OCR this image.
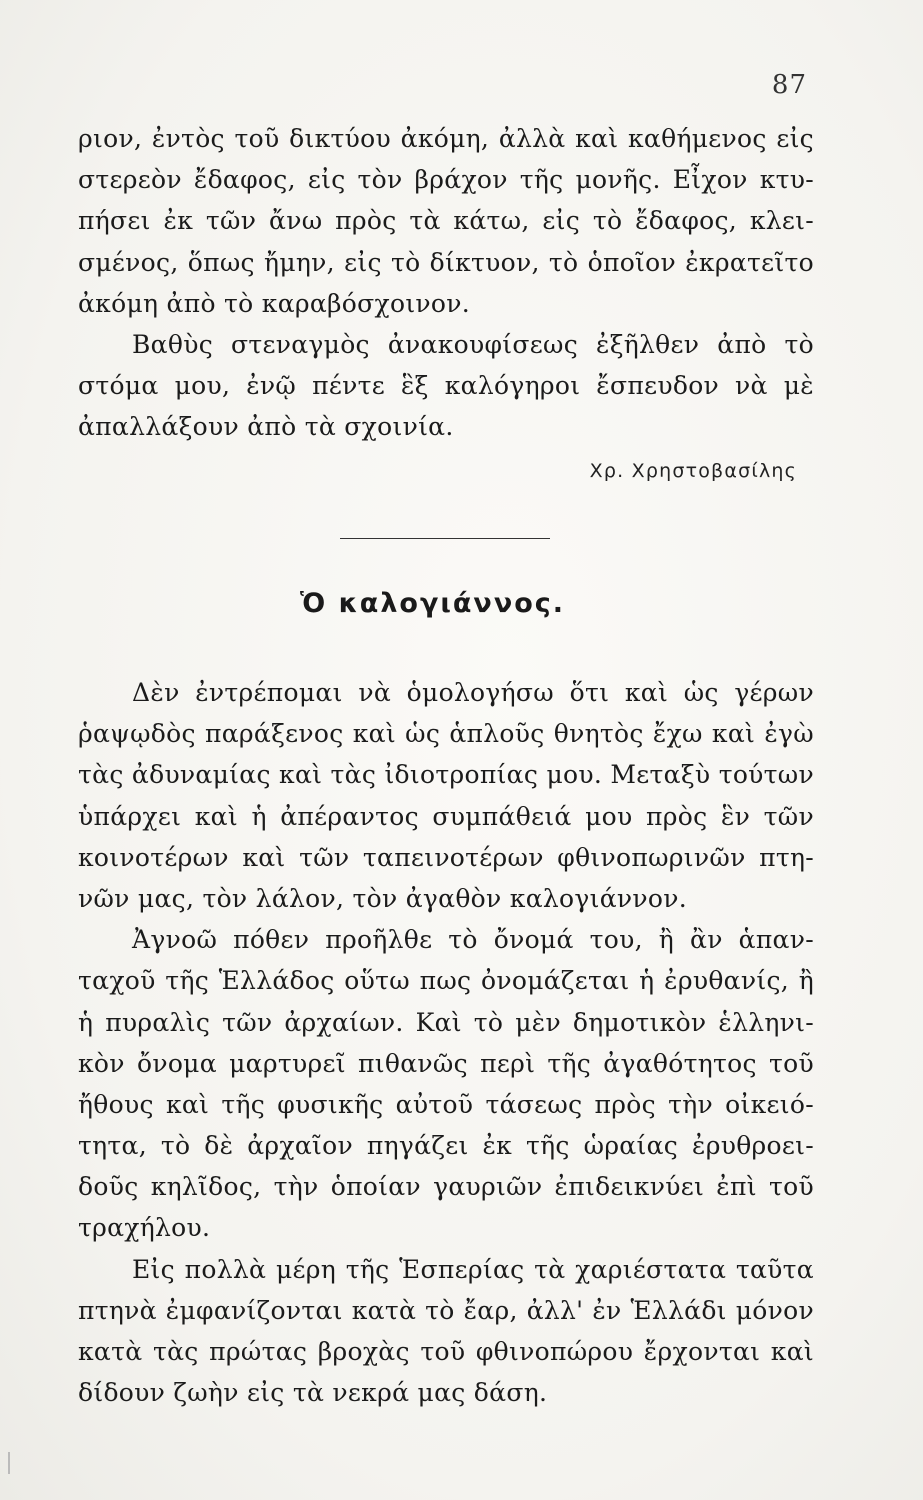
87
ριον, ἐντὸς τοῦ δικτύου ἀκόμη, ἀλλὰ καὶ καθήμενος εἰς
στερεὸν ἔδαφος, εἰς τὸν βράχον τῆς μονῆς. Εἶχον κτυ-
πήσει ἐκ τῶν ἄνω πρὸς τὰ κάτω, εἰς τὸ ἔδαφος, κλει-
σμένος, ὅπως ἤμην, εἰς τὸ δίκτυον, τὸ ὁποῖον ἐκρατεῖτο
ἀκόμη ἀπὸ τὸ καραβόσχοινον.
Βαθὺς στεναγμὸς ἀνακουφίσεως ἐξῆλθεν ἀπὸ τὸ
στόμα μου, ἐνῷ πέντε ἓξ καλόγηροι ἔσπευδον νὰ μὲ
ἀπαλλάξουν ἀπὸ τὰ σχοινία.
Χρ. Χρηστοβασίλης
Ὁ καλογιάννος.
Δὲν ἐντρέπομαι νὰ ὁμολογήσω ὅτι καὶ ὡς γέρων
ῥαψῳδὸς παράξενος καὶ ὡς ἁπλοῦς θνητὸς ἔχω καὶ ἐγὼ
τὰς ἀδυναμίας καὶ τὰς ἰδιοτροπίας μου. Μεταξὺ τούτων
ὑπάρχει καὶ ἡ ἀπέραντος συμπάθειά μου πρὸς ἓν τῶν
κοινοτέρων καὶ τῶν ταπεινοτέρων φθινοπωρινῶν πτη-
νῶν μας, τὸν λάλον, τὸν ἀγαθὸν καλογιάννον.
Ἀγνοῶ πόθεν προῆλθε τὸ ὄνομά του, ἢ ἂν ἁπαν-
ταχοῦ τῆς Ἑλλάδος οὕτω πως ὀνομάζεται ἡ ἐρυθανίς, ἢ
ἡ πυραλὶς τῶν ἀρχαίων. Καὶ τὸ μὲν δημοτικὸν ἑλληνι-
κὸν ὄνομα μαρτυρεῖ πιθανῶς περὶ τῆς ἀγαθότητος τοῦ
ἤθους καὶ τῆς φυσικῆς αὐτοῦ τάσεως πρὸς τὴν οἰκειό-
τητα, τὸ δὲ ἀρχαῖον πηγάζει ἐκ τῆς ὡραίας ἐρυθροει-
δοῦς κηλῖδος, τὴν ὁποίαν γαυριῶν ἐπιδεικνύει ἐπὶ τοῦ
τραχήλου.
Εἰς πολλὰ μέρη τῆς Ἑσπερίας τὰ χαριέστατα ταῦτα
πτηνὰ ἐμφανίζονται κατὰ τὸ ἔαρ, ἀλλ' ἐν Ἑλλάδι μόνον
κατὰ τὰς πρώτας βροχὰς τοῦ φθινοπώρου ἔρχονται καὶ
δίδουν ζωὴν εἰς τὰ νεκρά μας δάση.
